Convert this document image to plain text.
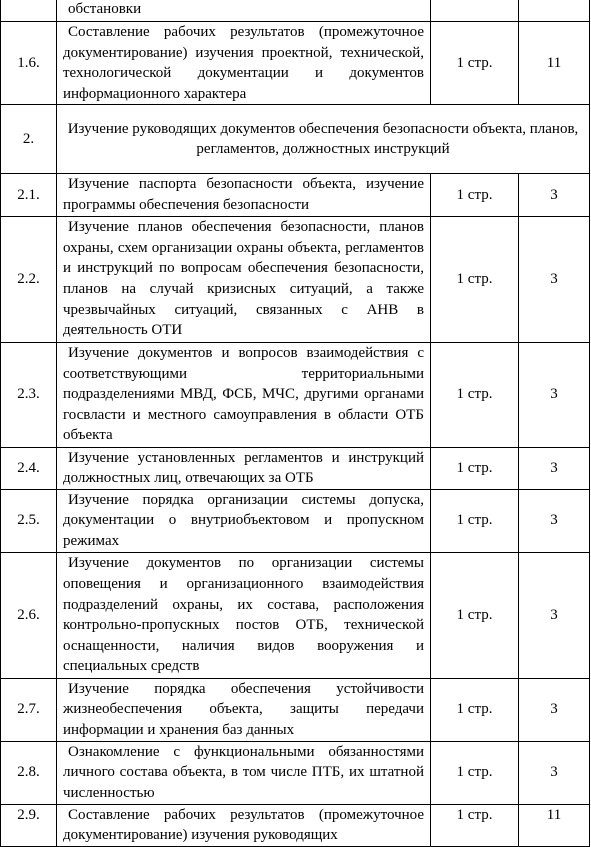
	обстановки		
1.6.	Составление рабочих результатов (промежуточное документирование) изучения проектной, технической, технологической документации и документов информационного характера	1 стр.	11
2.	Изучение руководящих документов обеспечения безопасности объекта, планов, регламентов, должностных инструкций		
2.1.	Изучение паспорта безопасности объекта, изучение программы обеспечения безопасности	1 стр.	3
2.2.	Изучение планов обеспечения безопасности, планов охраны, схем организации охраны объекта, регламентов и инструкций по вопросам обеспечения безопасности, планов на случай кризисных ситуаций, а также чрезвычайных ситуаций, связанных с АНВ в деятельность ОТИ	1 стр.	3
2.3.	Изучение документов и вопросов взаимодействия с соответствующими территориальными подразделениями МВД, ФСБ, МЧС, другими органами госвласти и местного самоуправления в области ОТБ объекта	1 стр.	3
2.4.	Изучение установленных регламентов и инструкций должностных лиц, отвечающих за ОТБ	1 стр.	3
2.5.	Изучение порядка организации системы допуска, документации о внутриобъектовом и пропускном режимах	1 стр.	3
2.6.	Изучение документов по организации системы оповещения и организационного взаимодействия подразделений охраны, их состава, расположения контрольно-пропускных постов ОТБ, технической оснащенности, наличия видов вооружения и специальных средств	1 стр.	3
2.7.	Изучение порядка обеспечения устойчивости жизнеобеспечения объекта, защиты передачи информации и хранения баз данных	1 стр.	3
2.8.	Ознакомление с функциональными обязанностями личного состава объекта, в том числе ПТБ, их штатной численностью	1 стр.	3
2.9.	Составление рабочих результатов (промежуточное документирование) изучения руководящих	1 стр.	11
